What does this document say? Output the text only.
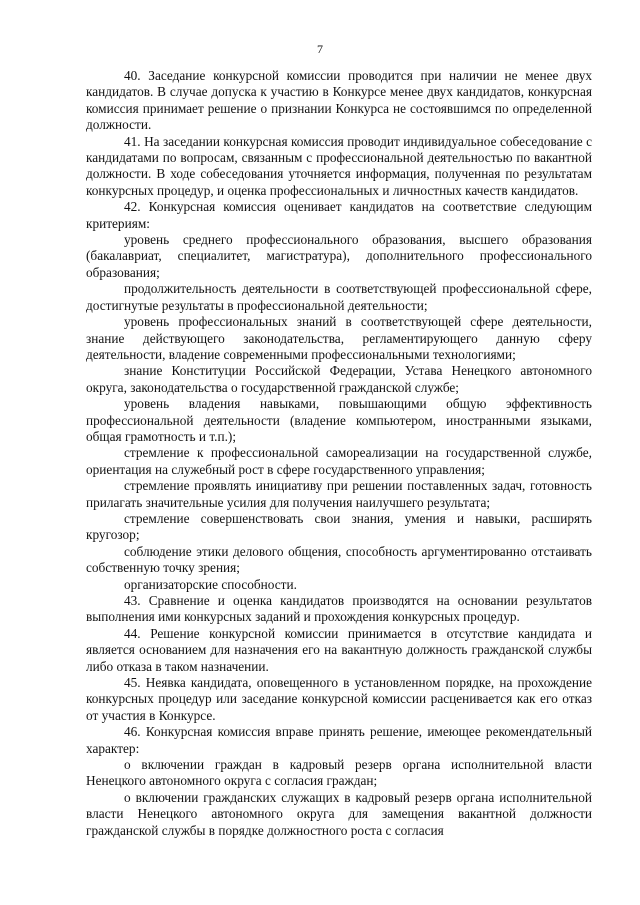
7

40. Заседание конкурсной комиссии проводится при наличии не менее двух кандидатов. В случае допуска к участию в Конкурсе менее двух кандидатов, конкурсная комиссия принимает решение о признании Конкурса не состоявшимся по определенной должности.

41. На заседании конкурсная комиссия проводит индивидуальное собеседование с кандидатами по вопросам, связанным с профессиональной деятельностью по вакантной должности. В ходе собеседования уточняется информация, полученная по результатам конкурсных процедур, и оценка профессиональных и личностных качеств кандидатов.

42. Конкурсная комиссия оценивает кандидатов на соответствие следующим критериям:

уровень среднего профессионального образования, высшего образования (бакалавриат, специалитет, магистратура), дополнительного профессионального образования;

продолжительность деятельности в соответствующей профессиональной сфере, достигнутые результаты в профессиональной деятельности;

уровень профессиональных знаний в соответствующей сфере деятельности, знание действующего законодательства, регламентирующего данную сферу деятельности, владение современными профессиональными технологиями;

знание Конституции Российской Федерации, Устава Ненецкого автономного округа, законодательства о государственной гражданской службе;

уровень владения навыками, повышающими общую эффективность профессиональной деятельности (владение компьютером, иностранными языками, общая грамотность и т.п.);

стремление к профессиональной самореализации на государственной службе, ориентация на служебный рост в сфере государственного управления;

стремление проявлять инициативу при решении поставленных задач, готовность прилагать значительные усилия для получения наилучшего результата;

стремление совершенствовать свои знания, умения и навыки, расширять кругозор;

соблюдение этики делового общения, способность аргументированно отстаивать собственную точку зрения;

организаторские способности.

43. Сравнение и оценка кандидатов производятся на основании результатов выполнения ими конкурсных заданий и прохождения конкурсных процедур.

44. Решение конкурсной комиссии принимается в отсутствие кандидата и является основанием для назначения его на вакантную должность гражданской службы либо отказа в таком назначении.

45. Неявка кандидата, оповещенного в установленном порядке, на прохождение конкурсных процедур или заседание конкурсной комиссии расценивается как его отказ от участия в Конкурсе.

46. Конкурсная комиссия вправе принять решение, имеющее рекомендательный характер:

о включении граждан в кадровый резерв органа исполнительной власти Ненецкого автономного округа с согласия граждан;

о включении гражданских служащих в кадровый резерв органа исполнительной власти Ненецкого автономного округа для замещения вакантной должности гражданской службы в порядке должностного роста с согласия
